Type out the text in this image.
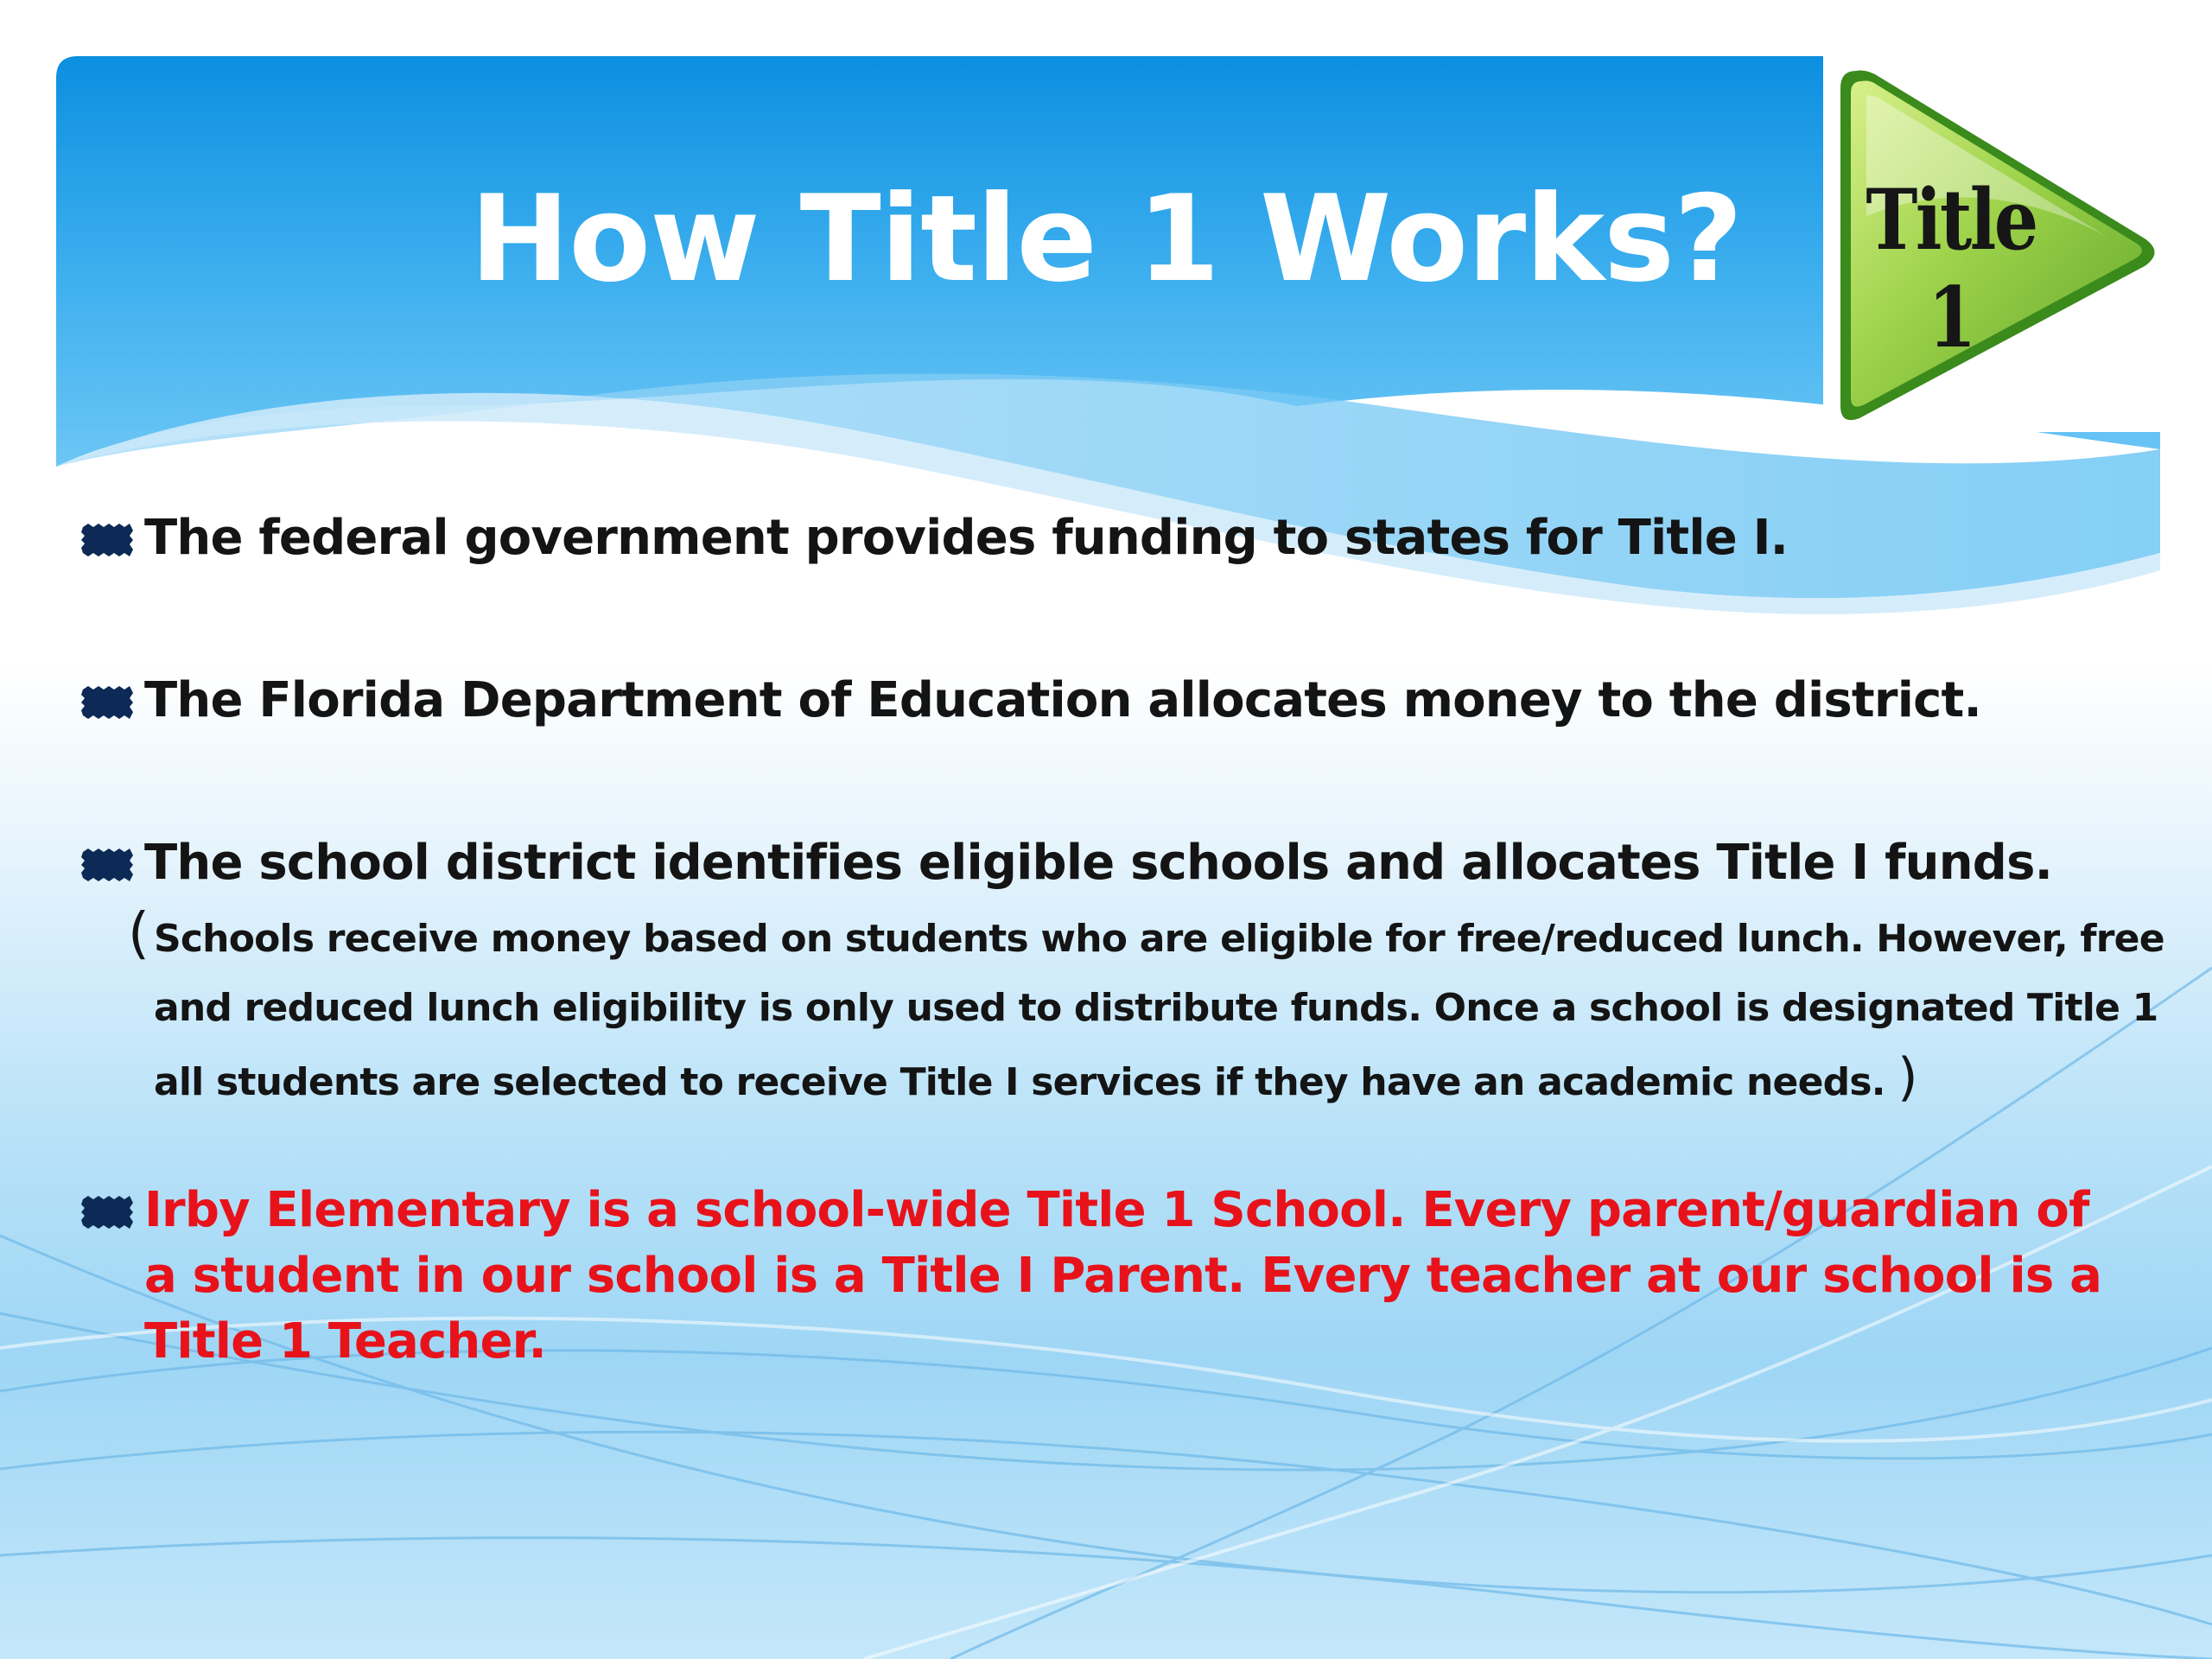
How Title 1 Works?	Title 1
The federal government provides funding to states for Title I.
The Florida Department of Education allocates money to the district.
The school district identifies eligible schools and allocates Title I funds.
( Schools receive money based on students who are eligible for free/reduced lunch. However, free and reduced lunch eligibility is only used to distribute funds. Once a school is designated Title 1 all students are selected to receive Title I services if they have an academic needs. )
Irby Elementary is a school-wide Title 1 School. Every parent/guardian of a student in our school is a Title I Parent. Every teacher at our school is a Title 1 Teacher.
